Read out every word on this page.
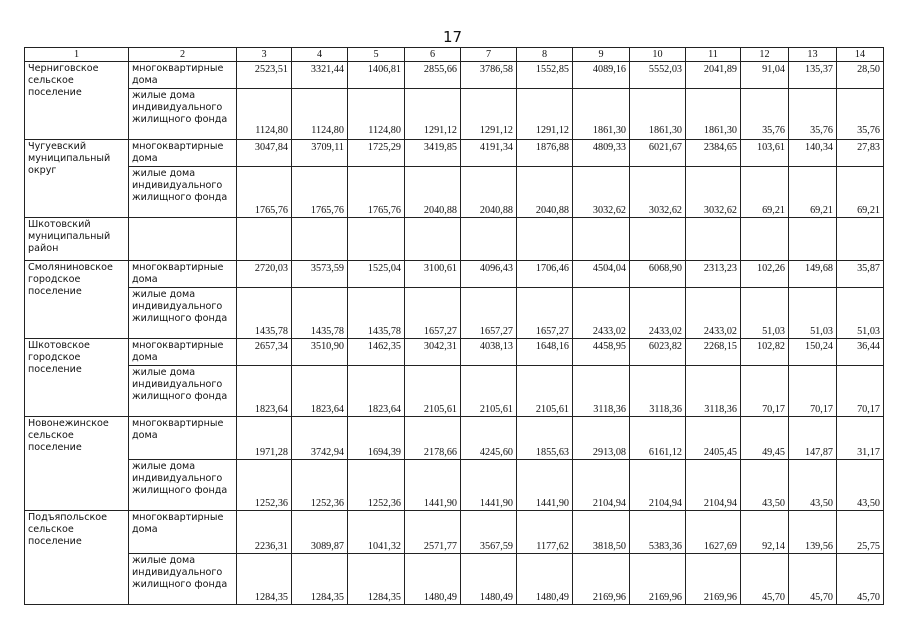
17
1	2	3	4	5	6	7	8	9	10	11	12	13	14
Черниговское сельское поселение	многоквартирные дома	2523,51	3321,44	1406,81	2855,66	3786,58	1552,85	4089,16	5552,03	2041,89	91,04	135,37	28,50
	жилые дома индивидуального жилищного фонда	1124,80	1124,80	1124,80	1291,12	1291,12	1291,12	1861,30	1861,30	1861,30	35,76	35,76	35,76
Чугуевский муниципальный округ	многоквартирные дома	3047,84	3709,11	1725,29	3419,85	4191,34	1876,88	4809,33	6021,67	2384,65	103,61	140,34	27,83
	жилые дома индивидуального жилищного фонда	1765,76	1765,76	1765,76	2040,88	2040,88	2040,88	3032,62	3032,62	3032,62	69,21	69,21	69,21
Шкотовский муниципальный район													
Смоляниновское городское поселение	многоквартирные дома	2720,03	3573,59	1525,04	3100,61	4096,43	1706,46	4504,04	6068,90	2313,23	102,26	149,68	35,87
	жилые дома индивидуального жилищного фонда	1435,78	1435,78	1435,78	1657,27	1657,27	1657,27	2433,02	2433,02	2433,02	51,03	51,03	51,03
Шкотовское городское поселение	многоквартирные дома	2657,34	3510,90	1462,35	3042,31	4038,13	1648,16	4458,95	6023,82	2268,15	102,82	150,24	36,44
	жилые дома индивидуального жилищного фонда	1823,64	1823,64	1823,64	2105,61	2105,61	2105,61	3118,36	3118,36	3118,36	70,17	70,17	70,17
Новонежинское сельское поселение	многоквартирные дома	1971,28	3742,94	1694,39	2178,66	4245,60	1855,63	2913,08	6161,12	2405,45	49,45	147,87	31,17
	жилые дома индивидуального жилищного фонда	1252,36	1252,36	1252,36	1441,90	1441,90	1441,90	2104,94	2104,94	2104,94	43,50	43,50	43,50
Подъяпольское сельское поселение	многоквартирные дома	2236,31	3089,87	1041,32	2571,77	3567,59	1177,62	3818,50	5383,36	1627,69	92,14	139,56	25,75
	жилые дома индивидуального жилищного фонда	1284,35	1284,35	1284,35	1480,49	1480,49	1480,49	2169,96	2169,96	2169,96	45,70	45,70	45,70
